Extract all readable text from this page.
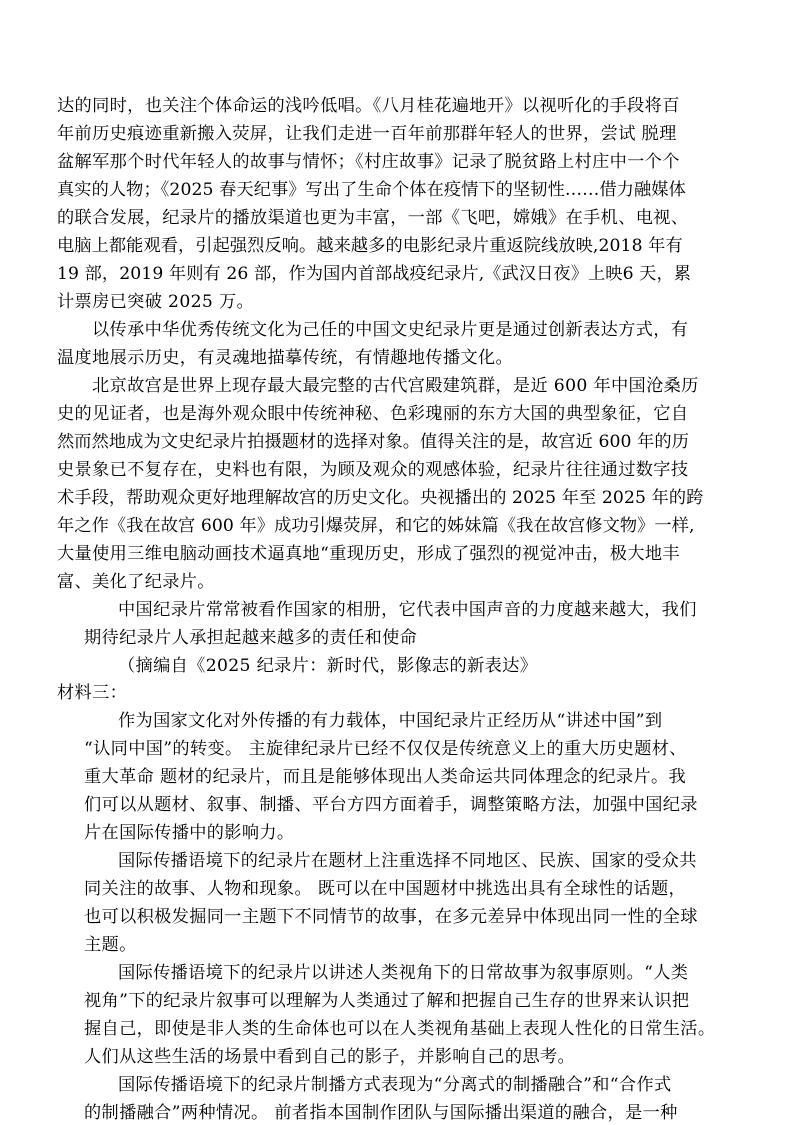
达的同时，也关注个体命运的浅吟低唱。《八月桂花遍地开》以视听化的手段将百
年前历史痕迹重新搬入荧屏，让我们走进一百年前那群年轻人的世界，尝试 脱理
盆解军那个时代年轻人的故事与情怀；《村庄故事》记录了脱贫路上村庄中一个个
真实的人物；《2025 春天纪事》写出了生命个体在疫情下的坚韧性……借力融媒体
的联合发展，纪录片的播放渠道也更为丰富，一部《飞吧，嫦娥》在手机、电视、
电脑上都能观看，引起强烈反响。越来越多的电影纪录片重返院线放映,2018 年有
19 部，2019 年则有 26 部，作为国内首部战疫纪录片,《武汉日夜》上映6 天，累
计票房已突破 2025 万。
以传承中华优秀传统文化为己任的中国文史纪录片更是通过创新表达方式，有
温度地展示历史，有灵魂地描摹传统，有情趣地传播文化。
北京故宫是世界上现存最大最完整的古代宫殿建筑群，是近 600 年中国沧桑历
史的见证者，也是海外观众眼中传统神秘、色彩瑰丽的东方大国的典型象征，它自
然而然地成为文史纪录片拍摄题材的选择对象。值得关注的是，故宫近 600 年的历
史景象已不复存在，史料也有限，为顾及观众的观感体验，纪录片往往通过数字技
术手段，帮助观众更好地理解故宫的历史文化。央视播出的 2025 年至 2025 年的跨
年之作《我在故宫 600 年》成功引爆荧屏，和它的姊妹篇《我在故宫修文物》一样,
大量使用三维电脑动画技术逼真地“重现历史，形成了强烈的视觉冲击，极大地丰
富、美化了纪录片。
中国纪录片常常被看作国家的相册，它代表中国声音的力度越来越大，我们
期待纪录片人承担起越来越多的责任和使命
（摘编自《2025 纪录片：新时代，影像志的新表达》
材料三：
作为国家文化对外传播的有力载体，中国纪录片正经历从“讲述中国”到
“认同中国”的转变。 主旋律纪录片已经不仅仅是传统意义上的重大历史题材、
重大革命 题材的纪录片，而且是能够体现出人类命运共同体理念的纪录片。我
们可以从题材、叙事、制播、平台方四方面着手，调整策略方法，加强中国纪录
片在国际传播中的影响力。
国际传播语境下的纪录片在题材上注重选择不同地区、民族、国家的受众共
同关注的故事、人物和现象。 既可以在中国题材中挑选出具有全球性的话题，
也可以积极发掘同一主题下不同情节的故事，在多元差异中体现出同一性的全球
主题。
国际传播语境下的纪录片以讲述人类视角下的日常故事为叙事原则。“人类
视角”下的纪录片叙事可以理解为人类通过了解和把握自己生存的世界来认识把
握自己，即使是非人类的生命体也可以在人类视角基础上表现人性化的日常生活。
人们从这些生活的场景中看到自己的影子，并影响自己的思考。
国际传播语境下的纪录片制播方式表现为“分离式的制播融合”和“合作式
的制播融合”两种情况。 前者指本国制作团队与国际播出渠道的融合，是一种
